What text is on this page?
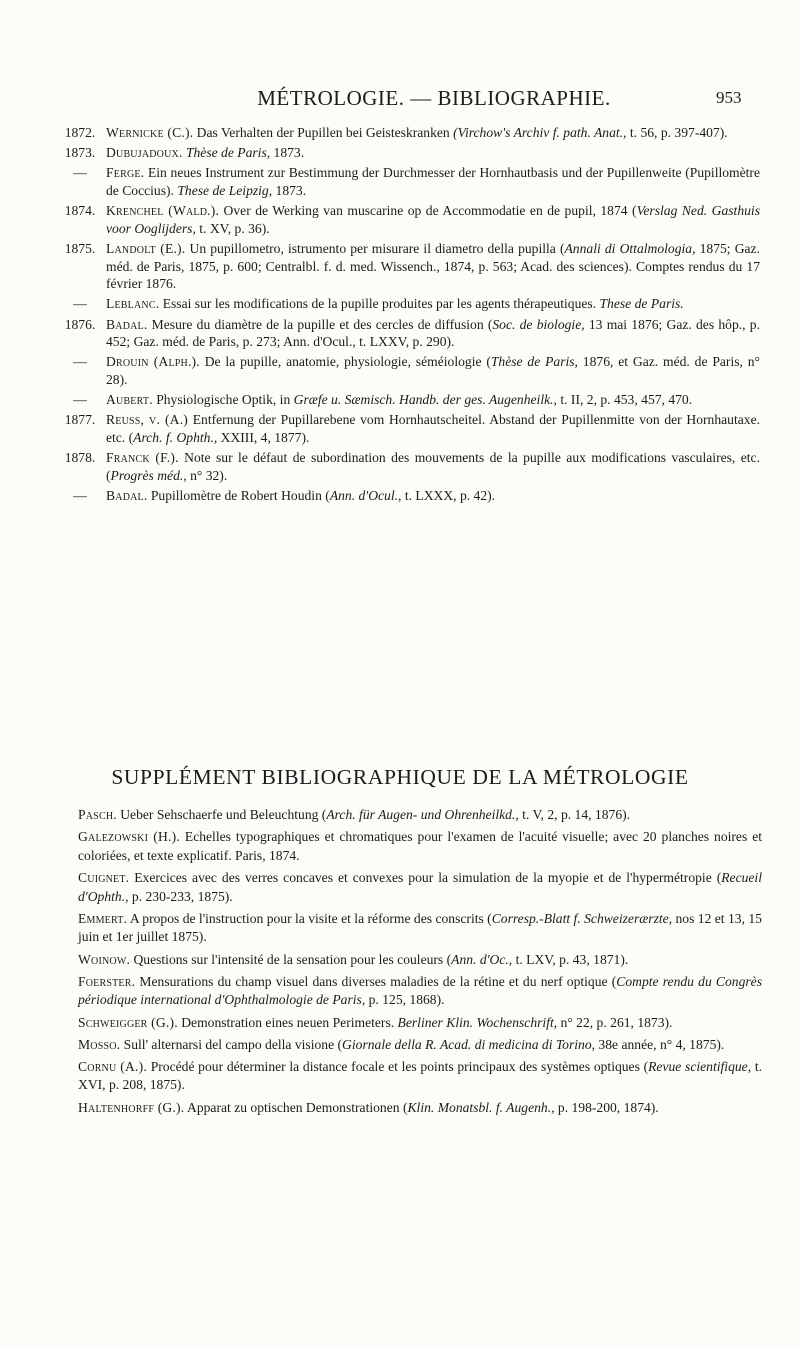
MÉTROLOGIE. — BIBLIOGRAPHIE.	953
1872. Wernicke (C.). Das Verhalten der Pupillen bei Geisteskranken (Virchow's Archiv f. path. Anat., t. 56, p. 397-407).
1873. Dubujadoux. Thèse de Paris, 1873.
—	Ferge. Ein neues Instrument zur Bestimmung der Durchmesser der Hornhautbasis und der Pupillenweite (Pupillomètre de Coccius). These de Leipzig, 1873.
1874. Krenchel (Wald.). Over de Werking van muscarine op de Accommodatie en de pupil, 1874 (Verslag Ned. Gasthuis voor Ooglijders, t. XV, p. 36).
1875. Landolt (E.). Un pupillometro, istrumento per misurare il diametro della pupilla (Annali di Ottalmologia, 1875; Gaz. méd. de Paris, 1875, p. 600; Centralbl. f. d. med. Wissench., 1874, p. 563; Acad. des sciences). Comptes rendus du 17 février 1876.
—	Leblanc. Essai sur les modifications de la pupille produites par les agents thérapeutiques. These de Paris.
1876. Badal. Mesure du diamètre de la pupille et des cercles de diffusion (Soc. de biologie, 13 mai 1876; Gaz. des hôp., p. 452; Gaz. méd. de Paris, p. 273; Ann. d'Ocul., t. LXXV, p. 290).
—	Drouin (Alph.). De la pupille, anatomie, physiologie, séméiologie (Thèse de Paris, 1876, et Gaz. méd. de Paris, n° 28).
—	Aubert. Physiologische Optik, in Græfe u. Sæmisch. Handb. der ges. Augenheilk., t. II, 2, p. 453, 457, 470.
1877. Reuss, v. (A.) Entfernung der Pupillarebene vom Hornhautscheitel. Abstand der Pupillenmitte von der Hornhautaxe. etc. (Arch. f. Ophth., XXIII, 4, 1877).
1878. Franck (F.). Note sur le défaut de subordination des mouvements de la pupille aux modifications vasculaires, etc. (Progrès méd., n° 32).
—	Badal. Pupillomètre de Robert Houdin (Ann. d'Ocul., t. LXXX, p. 42).
SUPPLÉMENT BIBLIOGRAPHIQUE DE LA MÉTROLOGIE
Pasch. Ueber Sehschaerfe und Beleuchtung (Arch. für Augen- und Ohrenheilkd., t. V, 2, p. 14, 1876).
Galezowski (H.). Echelles typographiques et chromatiques pour l'examen de l'acuité visuelle; avec 20 planches noires et coloriées, et texte explicatif. Paris, 1874.
Cuignet. Exercices avec des verres concaves et convexes pour la simulation de la myopie et de l'hypermétropie (Recueil d'Ophth., p. 230-233, 1875).
Emmert. A propos de l'instruction pour la visite et la réforme des conscrits (Corresp.-Blatt f. Schweizerærzte, nos 12 et 13, 15 juin et 1er juillet 1875).
Woinow. Questions sur l'intensité de la sensation pour les couleurs (Ann. d'Oc., t. LXV, p. 43, 1871).
Foerster. Mensurations du champ visuel dans diverses maladies de la rétine et du nerf optique (Compte rendu du Congrès périodique international d'Ophthalmologie de Paris, p. 125, 1868).
Schweigger (G.). Demonstration eines neuen Perimeters. Berliner Klin. Wochenschrift, n° 22, p. 261, 1873).
Mosso. Sull' alternarsi del campo della visione (Giornale della R. Acad. di medicina di Torino, 38e année, n° 4, 1875).
Cornu (A.). Procédé pour déterminer la distance focale et les points principaux des systèmes optiques (Revue scientifique, t. XVI, p. 208, 1875).
Haltenhorff (G.). Apparat zu optischen Demonstrationen (Klin. Monatsbl. f. Augenh., p. 198-200, 1874).
